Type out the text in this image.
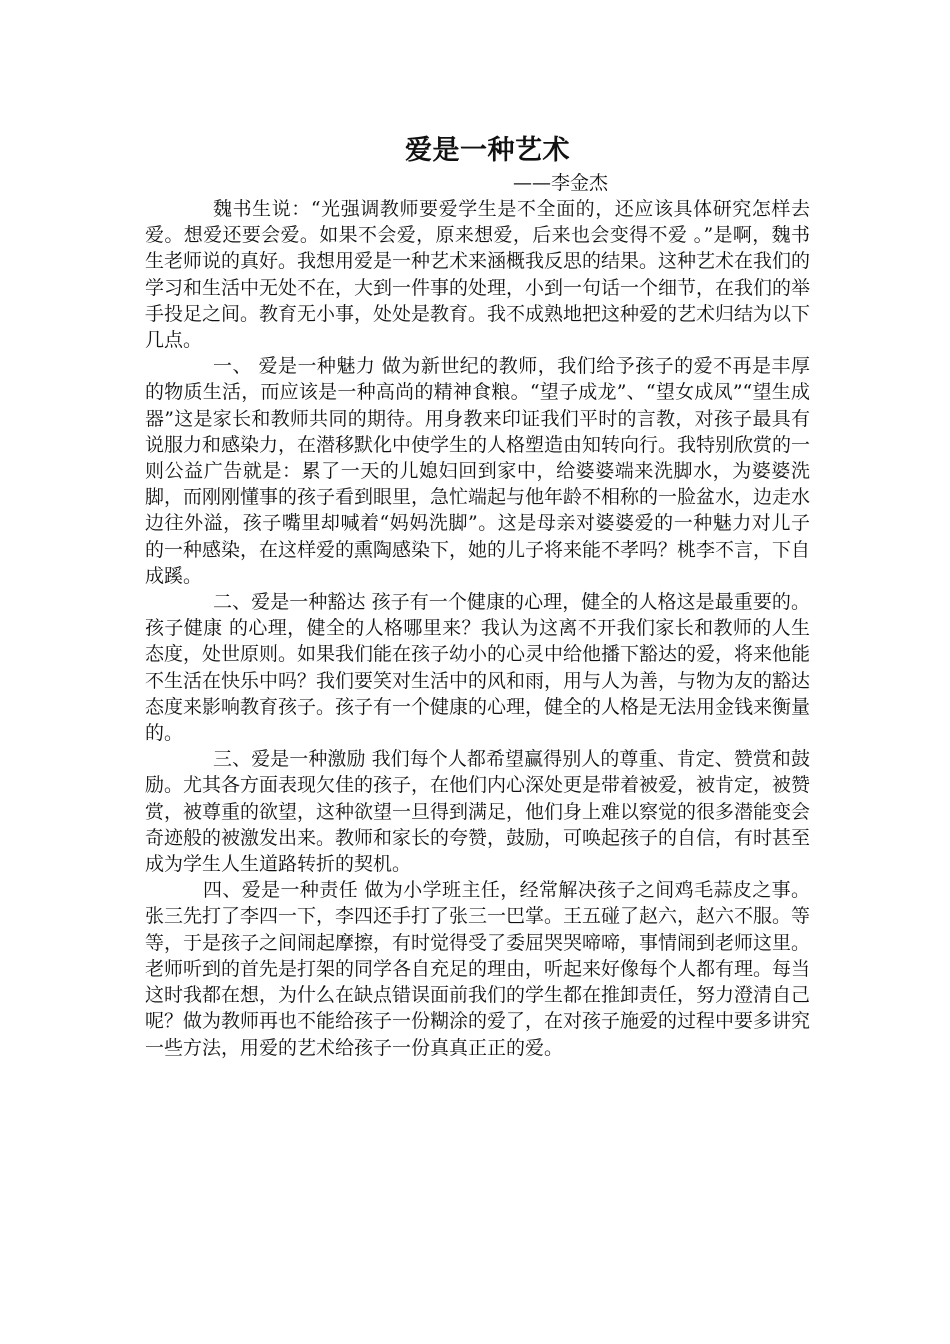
爱是一种艺术

——李金杰

魏书生说：“光强调教师要爱学生是不全面的，还应该具体研究怎样去爱。想爱还要会爱。如果不会爱，原来想爱，后来也会变得不爱 。”是啊，魏书生老师说的真好。我想用爱是一种艺术来涵概我反思的结果。这种艺术在我们的学习和生活中无处不在，大到一件事的处理，小到一句话一个细节，在我们的举手投足之间。教育无小事，处处是教育。我不成熟地把这种爱的艺术归结为以下几点。

一、 爱是一种魅力 做为新世纪的教师，我们给予孩子的爱不再是丰厚的物质生活，而应该是一种高尚的精神食粮。“望子成龙”、“望女成凤”“望生成器”这是家长和教师共同的期待。用身教来印证我们平时的言教，对孩子最具有说服力和感染力，在潜移默化中使学生的人格塑造由知转向行。我特别欣赏的一则公益广告就是：累了一天的儿媳妇回到家中，给婆婆端来洗脚水，为婆婆洗脚，而刚刚懂事的孩子看到眼里，急忙端起与他年龄不相称的一脸盆水，边走水边往外溢，孩子嘴里却喊着“妈妈洗脚”。这是母亲对婆婆爱的一种魅力对儿子的一种感染，在这样爱的熏陶感染下，她的儿子将来能不孝吗？桃李不言，下自成蹊。

二、爱是一种豁达 孩子有一个健康的心理，健全的人格这是最重要的。孩子健康 的心理，健全的人格哪里来？我认为这离不开我们家长和教师的人生态度，处世原则。如果我们能在孩子幼小的心灵中给他播下豁达的爱，将来他能不生活在快乐中吗？我们要笑对生活中的风和雨，用与人为善，与物为友的豁达态度来影响教育孩子。孩子有一个健康的心理，健全的人格是无法用金钱来衡量的。

三、爱是一种激励 我们每个人都希望赢得别人的尊重、肯定、赞赏和鼓励。尤其各方面表现欠佳的孩子，在他们内心深处更是带着被爱，被肯定，被赞赏，被尊重的欲望，这种欲望一旦得到满足，他们身上难以察觉的很多潜能变会奇迹般的被激发出来。教师和家长的夸赞，鼓励，可唤起孩子的自信，有时甚至成为学生人生道路转折的契机。

四、爱是一种责任 做为小学班主任，经常解决孩子之间鸡毛蒜皮之事。张三先打了李四一下，李四还手打了张三一巴掌。王五碰了赵六，赵六不服。等等，于是孩子之间闹起摩擦，有时觉得受了委屈哭哭啼啼，事情闹到老师这里。老师听到的首先是打架的同学各自充足的理由，听起来好像每个人都有理。每当这时我都在想，为什么在缺点错误面前我们的学生都在推卸责任，努力澄清自己呢？做为教师再也不能给孩子一份糊涂的爱了，在对孩子施爱的过程中要多讲究一些方法，用爱的艺术给孩子一份真真正正的爱。
